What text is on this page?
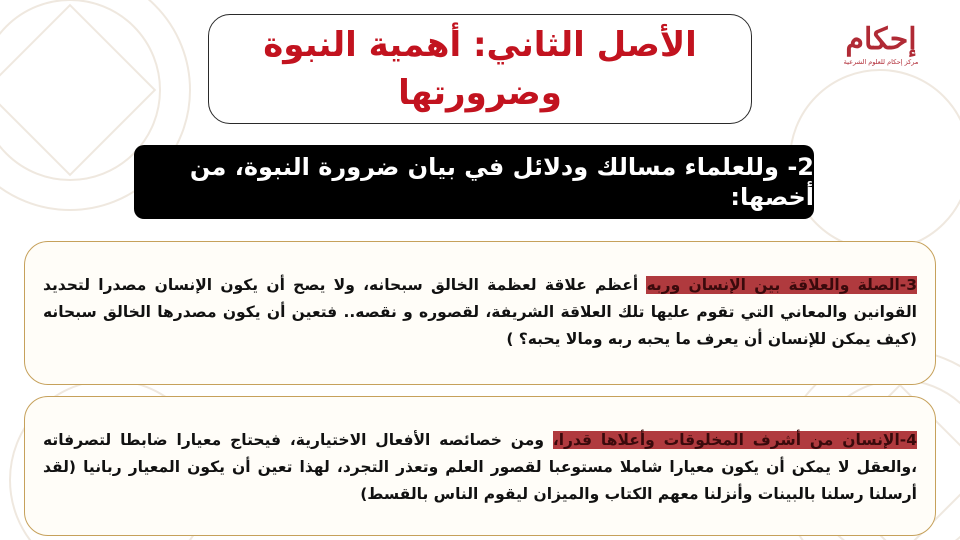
إحكام
مركز إحكام للعلوم الشرعية
الأصل الثاني: أهمية النبوة وضرورتها
2- وللعلماء مسالك ودلائل في بيان ضرورة النبوة، من أخصها:

3-الصلة والعلاقة بين الإنسان وربه أعظم علاقة لعظمة الخالق سبحانه، ولا يصح أن يكون الإنسان مصدرا لتحديد القوانين والمعاني التي تقوم عليها تلك العلاقة الشريفة، لقصوره و نقصه.. فتعين أن يكون مصدرها الخالق سبحانه (كيف يمكن للإنسان أن يعرف ما يحبه ربه ومالا يحبه؟ )

4-الإنسان من أشرف المخلوقات وأعلاها قدرا، ومن خصائصه الأفعال الاختيارية، فيحتاج معيارا ضابطا لتصرفاته ،والعقل لا يمكن أن يكون معيارا شاملا مستوعبا لقصور العلم وتعذر التجرد، لهذا تعين أن يكون المعيار ربانيا (لقد أرسلنا رسلنا بالبينات وأنزلنا معهم الكتاب والميزان ليقوم الناس بالقسط)
